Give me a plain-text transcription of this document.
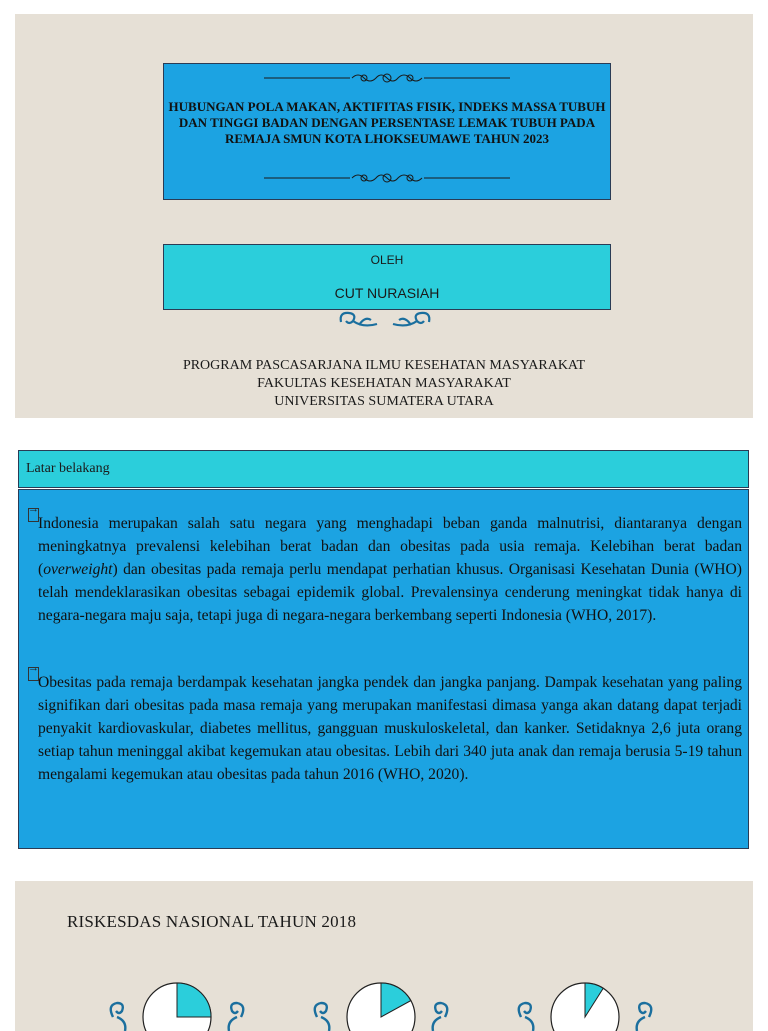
HUBUNGAN POLA MAKAN, AKTIFITAS FISIK, INDEKS MASSA TUBUH DAN TINGGI BADAN DENGAN PERSENTASE LEMAK TUBUH PADA REMAJA SMUN KOTA LHOKSEUMAWE TAHUN 2023
OLEH
CUT NURASIAH
PROGRAM PASCASARJANA ILMU KESEHATAN MASYARAKAT
FAKULTAS KESEHATAN MASYARAKAT
UNIVERSITAS SUMATERA UTARA
Latar belakang
→
Indonesia merupakan salah satu negara yang menghadapi beban ganda malnutrisi, diantaranya dengan meningkatnya prevalensi kelebihan berat badan dan obesitas pada usia remaja. Kelebihan berat badan (overweight) dan obesitas pada remaja perlu mendapat perhatian khusus. Organisasi Kesehatan Dunia (WHO) telah mendeklarasikan obesitas sebagai epidemik global. Prevalensinya cenderung meningkat tidak hanya di negara-negara maju saja, tetapi juga di negara-negara berkembang seperti Indonesia (WHO, 2017).
→
Obesitas pada remaja berdampak kesehatan jangka pendek dan jangka panjang. Dampak kesehatan yang paling signifikan dari obesitas pada masa remaja yang merupakan manifestasi dimasa yanga akan datang dapat terjadi penyakit kardiovaskular, diabetes mellitus, gangguan muskuloskeletal, dan kanker. Setidaknya 2,6 juta orang setiap tahun meninggal akibat kegemukan atau obesitas. Lebih dari 340 juta anak dan remaja berusia 5-19 tahun mengalami kegemukan atau obesitas pada tahun 2016 (WHO, 2020).
RISKESDAS NASIONAL TAHUN 2018
